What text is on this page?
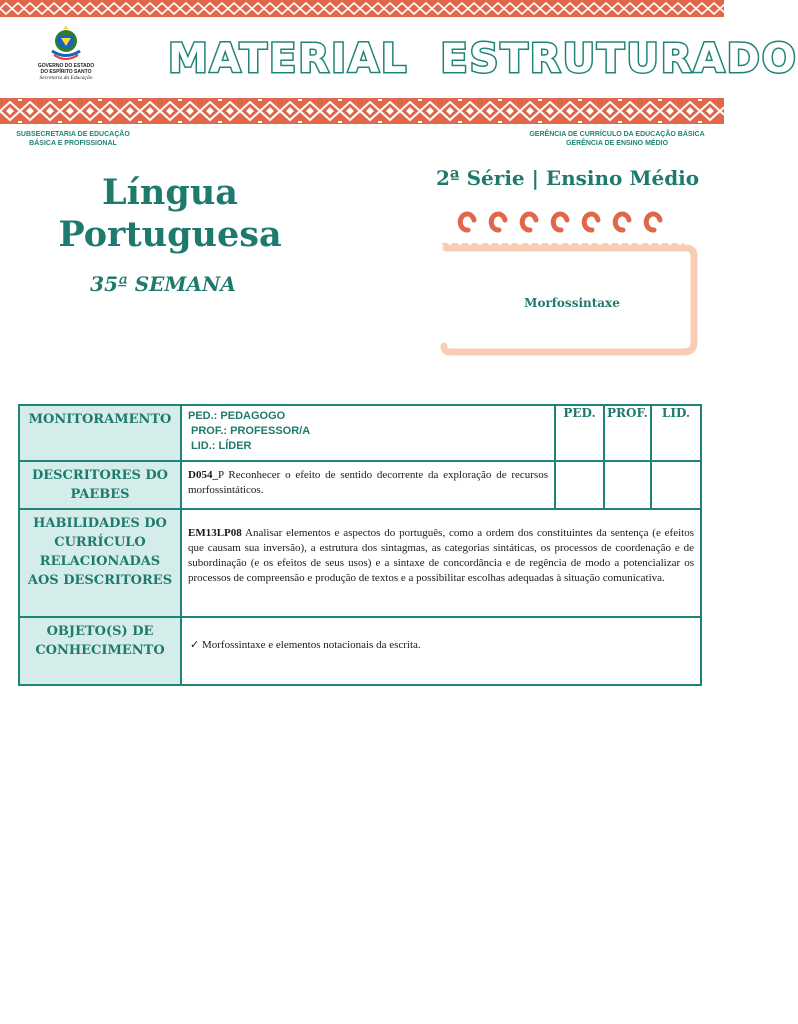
GOVERNO DO ESTADO
DO ESPÍRITO SANTO
Secretaria da Educação MATERIAL ESTRUTURADO
SUBSECRETARIA DE EDUCAÇÃO
BÁSICA E PROFISSIONAL
GERÊNCIA DE CURRÍCULO DA EDUCAÇÃO BÁSICA
GERÊNCIA DE ENSINO MÉDIO
Língua
Portuguesa
35ª SEMANA
2ª Série | Ensino Médio
Morfossintaxe
MONITORAMENTO	PED.: PEDAGOGO
PROF.: PROFESSOR/A
LID.: LÍDER	PED.	PROF.	LID.
DESCRITORES DO PAEBES	D054_P Reconhecer o efeito de sentido decorrente da exploração de recursos morfossintáticos.			
HABILIDADES DO CURRÍCULO RELACIONADAS AOS DESCRITORES	EM13LP08 Analisar elementos e aspectos do português, como a ordem dos constituintes da sentença (e efeitos que causam sua inversão), a estrutura dos sintagmas, as categorias sintáticas, os processos de coordenação e de subordinação (e os efeitos de seus usos) e a sintaxe de concordância e de regência de modo a potencializar os processos de compreensão e produção de textos e a possibilitar escolhas adequadas à situação comunicativa.			
OBJETO(S) DE CONHECIMENTO	✓ Morfossintaxe e elementos notacionais da escrita.			
